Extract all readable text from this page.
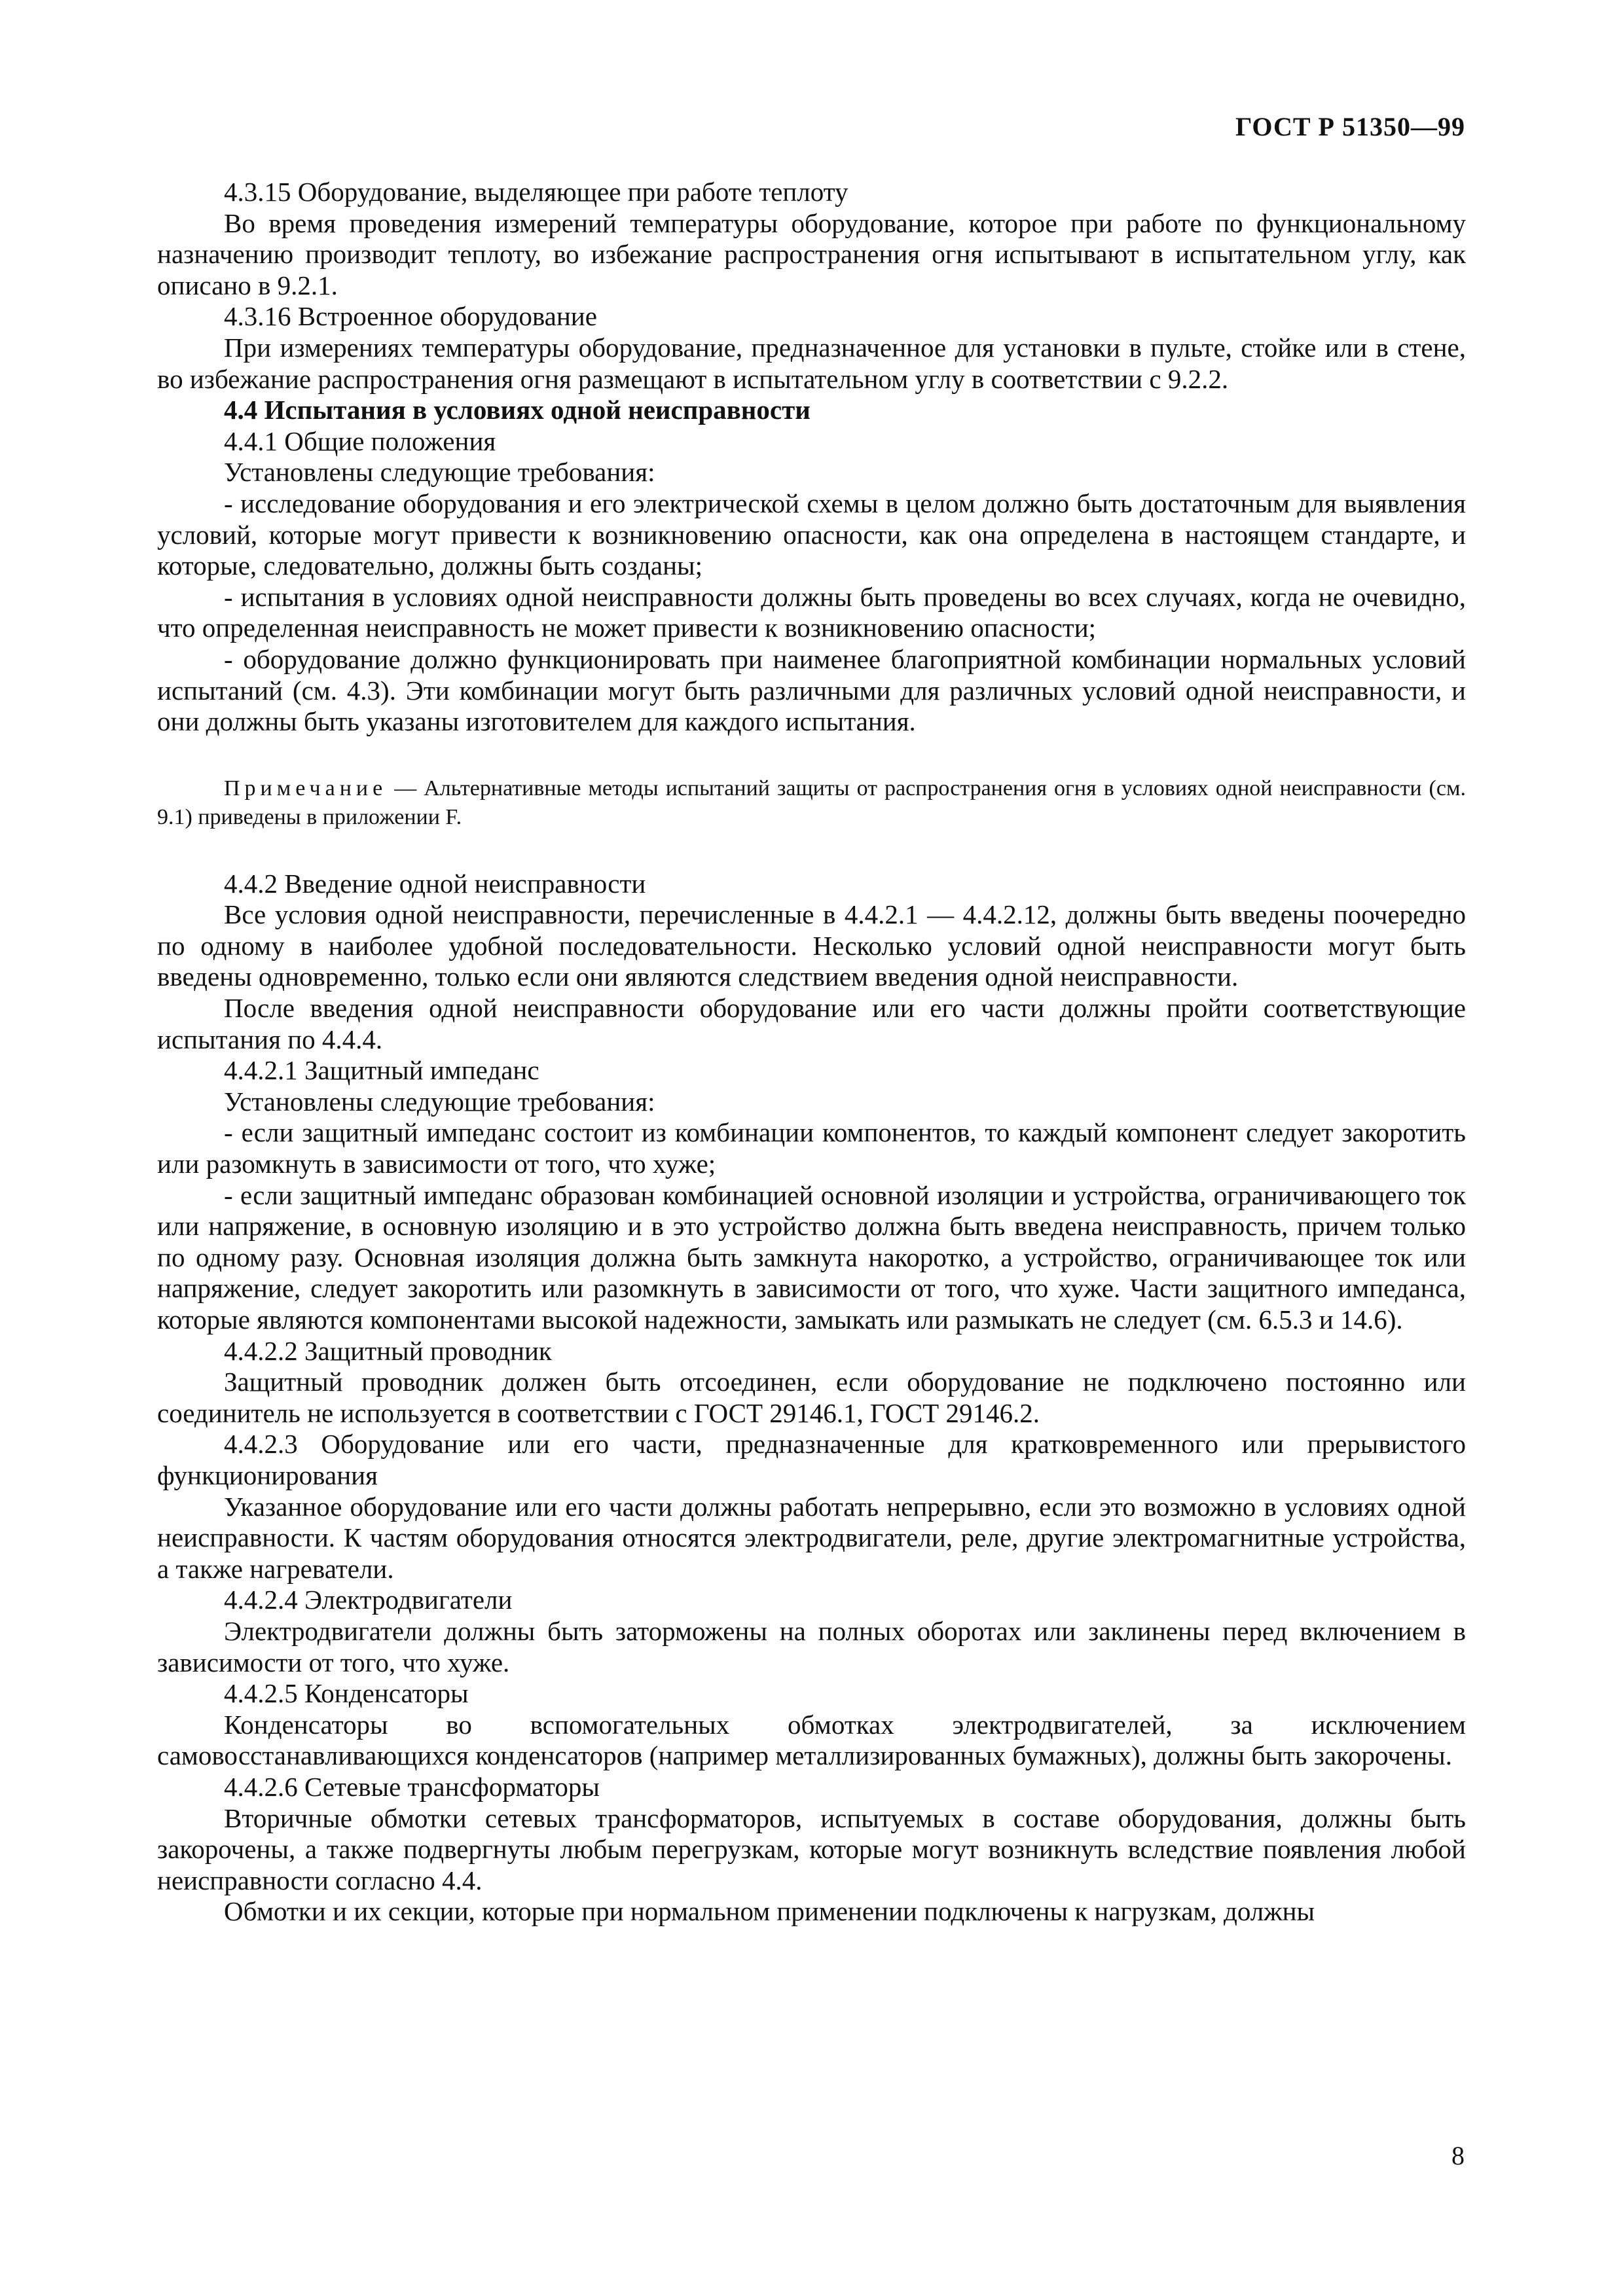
ГОСТ Р 51350—99

4.3.15 Оборудование, выделяющее при работе теплоту

Во время проведения измерений температуры оборудование, которое при работе по функциональному назначению производит теплоту, во избежание распространения огня испытывают в испытательном углу, как описано в 9.2.1.

4.3.16 Встроенное оборудование

При измерениях температуры оборудование, предназначенное для установки в пульте, стойке или в стене, во избежание распространения огня размещают в испытательном углу в соответствии с 9.2.2.

4.4 Испытания в условиях одной неисправности

4.4.1 Общие положения

Установлены следующие требования:

- исследование оборудования и его электрической схемы в целом должно быть достаточным для выявления условий, которые могут привести к возникновению опасности, как она определена в настоящем стандарте, и которые, следовательно, должны быть созданы;

- испытания в условиях одной неисправности должны быть проведены во всех случаях, когда не очевидно, что определенная неисправность не может привести к возникновению опасности;

- оборудование должно функционировать при наименее благоприятной комбинации нормальных условий испытаний (см. 4.3). Эти комбинации могут быть различными для различных условий одной неисправности, и они должны быть указаны изготовителем для каждого испытания.

Примечание — Альтернативные методы испытаний защиты от распространения огня в условиях одной неисправности (см. 9.1) приведены в приложении F.

4.4.2 Введение одной неисправности

Все условия одной неисправности, перечисленные в 4.4.2.1 — 4.4.2.12, должны быть введены поочередно по одному в наиболее удобной последовательности. Несколько условий одной неисправности могут быть введены одновременно, только если они являются следствием введения одной неисправности.

После введения одной неисправности оборудование или его части должны пройти соответствующие испытания по 4.4.4.

4.4.2.1 Защитный импеданс

Установлены следующие требования:

- если защитный импеданс состоит из комбинации компонентов, то каждый компонент следует закоротить или разомкнуть в зависимости от того, что хуже;

- если защитный импеданс образован комбинацией основной изоляции и устройства, ограничивающего ток или напряжение, в основную изоляцию и в это устройство должна быть введена неисправность, причем только по одному разу. Основная изоляция должна быть замкнута накоротко, а устройство, ограничивающее ток или напряжение, следует закоротить или разомкнуть в зависимости от того, что хуже. Части защитного импеданса, которые являются компонентами высокой надежности, замыкать или размыкать не следует (см. 6.5.3 и 14.6).

4.4.2.2 Защитный проводник

Защитный проводник должен быть отсоединен, если оборудование не подключено постоянно или соединитель не используется в соответствии с ГОСТ 29146.1, ГОСТ 29146.2.

4.4.2.3 Оборудование или его части, предназначенные для кратковременного или прерывистого функционирования

Указанное оборудование или его части должны работать непрерывно, если это возможно в условиях одной неисправности. К частям оборудования относятся электродвигатели, реле, другие электромагнитные устройства, а также нагреватели.

4.4.2.4 Электродвигатели

Электродвигатели должны быть заторможены на полных оборотах или заклинены перед включением в зависимости от того, что хуже.

4.4.2.5 Конденсаторы

Конденсаторы во вспомогательных обмотках электродвигателей, за исключением самовосстанавливающихся конденсаторов (например металлизированных бумажных), должны быть закорочены.

4.4.2.6 Сетевые трансформаторы

Вторичные обмотки сетевых трансформаторов, испытуемых в составе оборудования, должны быть закорочены, а также подвергнуты любым перегрузкам, которые могут возникнуть вследствие появления любой неисправности согласно 4.4.

Обмотки и их секции, которые при нормальном применении подключены к нагрузкам, должны

8
